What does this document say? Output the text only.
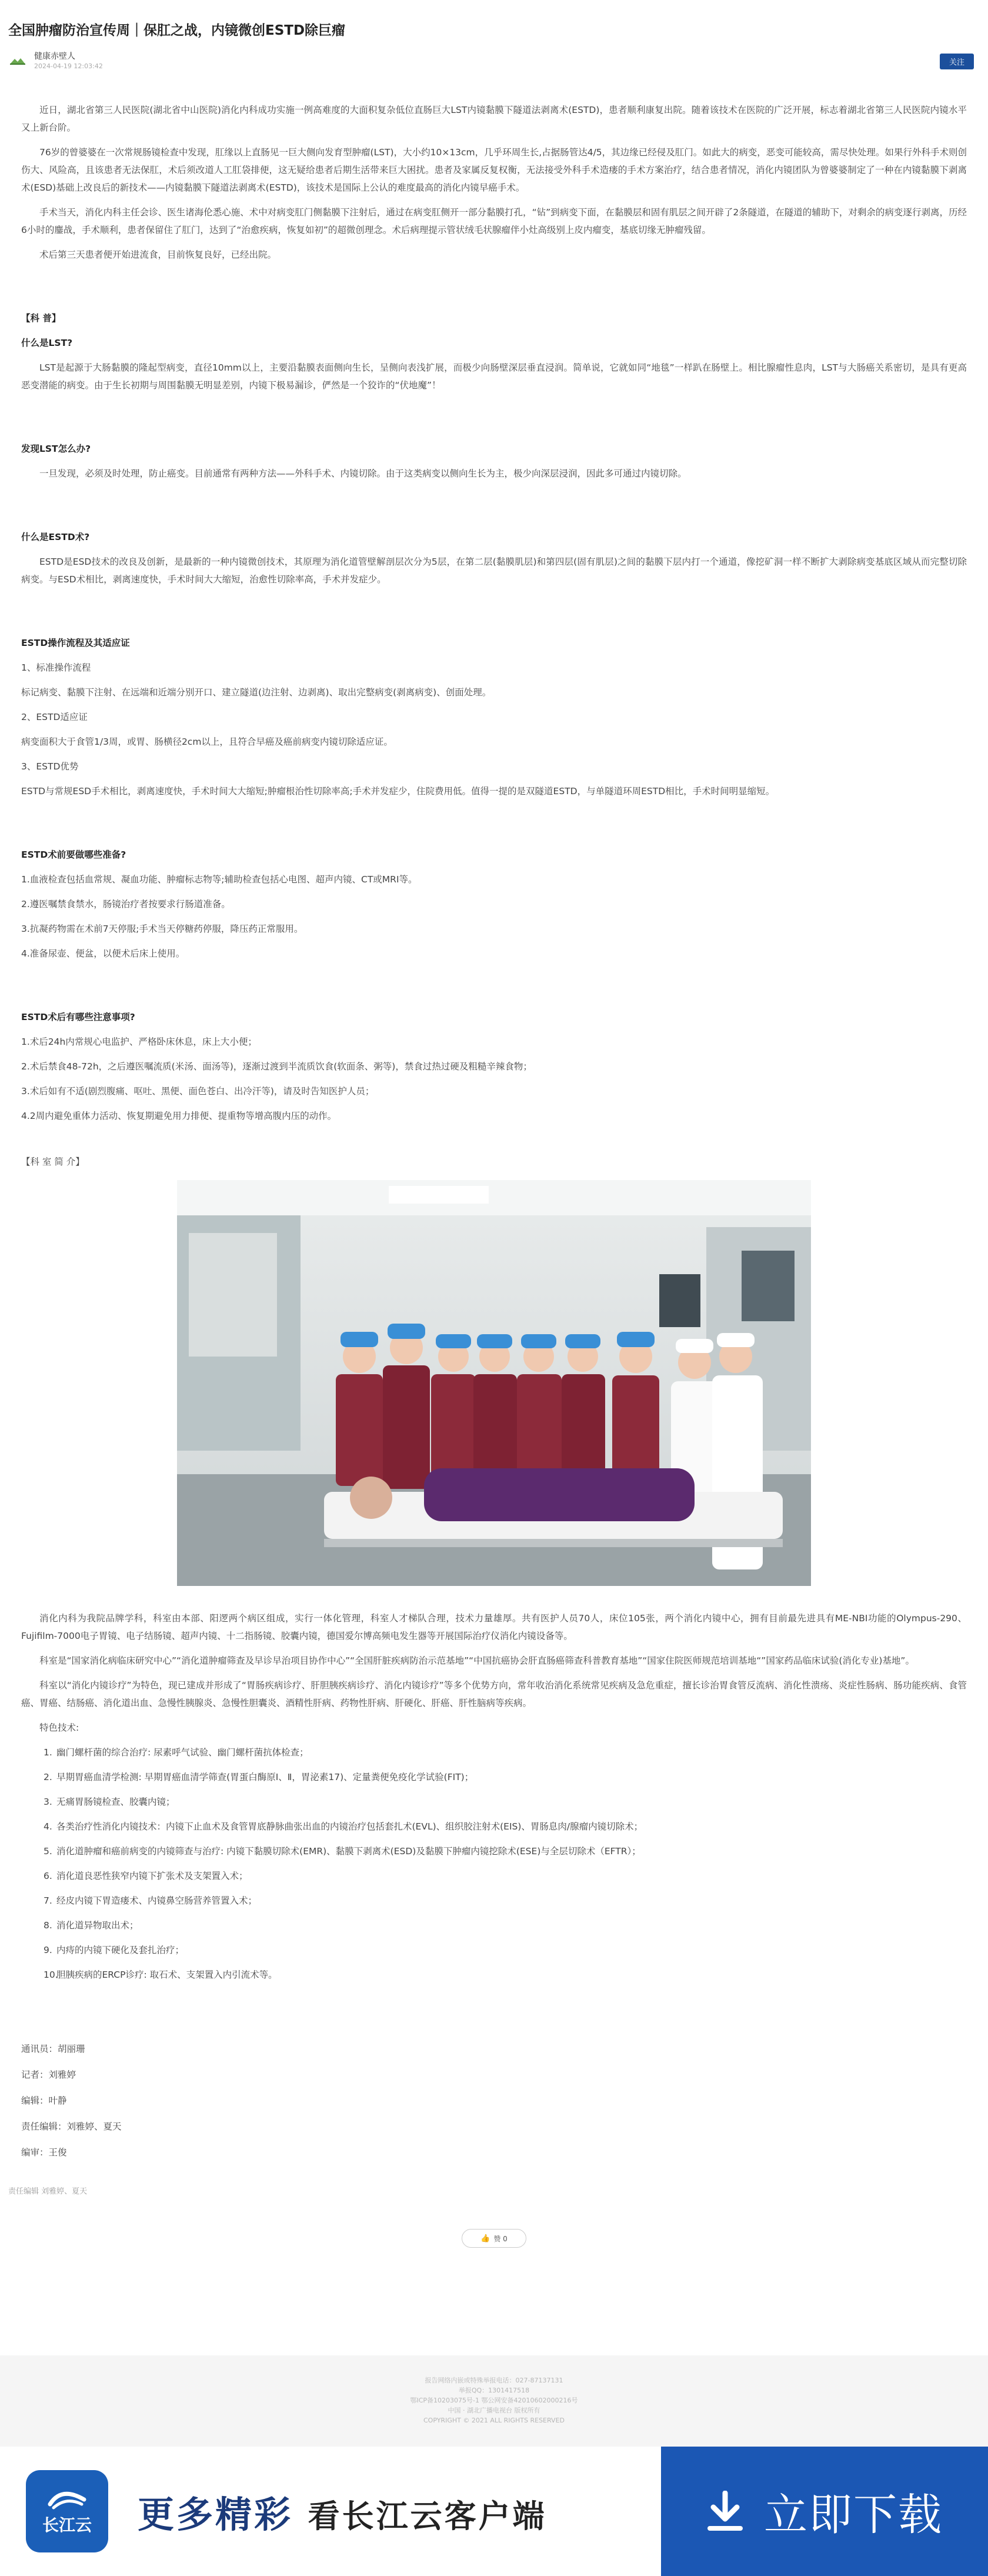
全国肿瘤防治宣传周｜保肛之战，内镜微创ESTD除巨瘤
健康赤壁人
2024-04-19 12:03:42	关注

近日，湖北省第三人民医院(湖北省中山医院)消化内科成功实施一例高难度的大面积复杂低位直肠巨大LST内镜黏膜下隧道法剥离术(ESTD)，患者顺利康复出院。随着该技术在医院的广泛开展，标志着湖北省第三人民医院内镜水平又上新台阶。

76岁的曾婆婆在一次常规肠镜检查中发现，肛缘以上直肠见一巨大侧向发育型肿瘤(LST)，大小约10×13cm，几乎环周生长,占据肠管达4/5，其边缘已经侵及肛门。如此大的病变，恶变可能较高，需尽快处理。如果行外科手术则创伤大、风险高，且该患者无法保肛，术后须改道人工肛袋排便，这无疑给患者后期生活带来巨大困扰。患者及家属反复权衡，无法接受外科手术造瘘的手术方案治疗，结合患者情况，消化内镜团队为曾婆婆制定了一种在内镜黏膜下剥离术(ESD)基础上改良后的新技术——内镜黏膜下隧道法剥离术(ESTD)，该技术是国际上公认的难度最高的消化内镜早癌手术。

手术当天，消化内科主任会诊、医生诸海伦悉心施、术中对病变肛门侧黏膜下注射后，通过在病变肛侧开一部分黏膜打孔，“钻”到病变下面，在黏膜层和固有肌层之间开辟了2条隧道，在隧道的辅助下，对剩余的病变逐行剥离，历经6小时的鏖战，手术顺利，患者保留住了肛门，达到了“治愈疾病，恢复如初”的超微创理念。术后病理提示管状绒毛状腺瘤伴小灶高级别上皮内瘤变，基底切缘无肿瘤残留。

术后第三天患者便开始进流食，目前恢复良好，已经出院。

【科 普】

什么是LST?

LST是起源于大肠黏膜的隆起型病变，直径10mm以上，主要沿黏膜表面侧向生长，呈侧向表浅扩展，而极少向肠壁深层垂直浸润。简单说，它就如同“地毯”一样趴在肠壁上。相比腺瘤性息肉，LST与大肠癌关系密切，是具有更高恶变潜能的病变。由于生长初期与周围黏膜无明显差别，内镜下极易漏诊，俨然是一个狡诈的“伏地魔”！

发现LST怎么办?

一旦发现，必须及时处理，防止癌变。目前通常有两种方法——外科手术、内镜切除。由于这类病变以侧向生长为主，极少向深层浸润，因此多可通过内镜切除。

什么是ESTD术?

ESTD是ESD技术的改良及创新，是最新的一种内镜微创技术，其原理为消化道管壁解剖层次分为5层，在第二层(黏膜肌层)和第四层(固有肌层)之间的黏膜下层内打一个通道，像挖矿洞一样不断扩大剥除病变基底区域从而完整切除病变。与ESD术相比，剥离速度快，手术时间大大缩短，治愈性切除率高，手术并发症少。

ESTD操作流程及其适应证

1、标准操作流程

标记病变、黏膜下注射、在远端和近端分别开口、建立隧道(边注射、边剥离)、取出完整病变(剥离病变)、创面处理。

2、ESTD适应证

病变面积大于食管1/3周，或胃、肠横径2cm以上，且符合早癌及癌前病变内镜切除适应证。

3、ESTD优势

ESTD与常规ESD手术相比，剥离速度快，手术时间大大缩短;肿瘤根治性切除率高;手术并发症少，住院费用低。值得一提的是双隧道ESTD，与单隧道环周ESTD相比，手术时间明显缩短。

ESTD术前要做哪些准备?

1.血液检查包括血常规、凝血功能、肿瘤标志物等;辅助检查包括心电图、超声内镜、CT或MRI等。

2.遵医嘱禁食禁水，肠镜治疗者按要求行肠道准备。

3.抗凝药物需在术前7天停服;手术当天停糖药停服，降压药正常服用。

4.准备尿壶、便盆，以便术后床上使用。

ESTD术后有哪些注意事项?

1.术后24h内常规心电监护、严格卧床休息，床上大小便；

2.术后禁食48-72h，之后遵医嘱流质(米汤、面汤等)，逐渐过渡到半流质饮食(软面条、粥等)，禁食过热过硬及粗糙辛辣食物；

3.术后如有不适(剧烈腹痛、呕吐、黑便、面色苍白、出冷汗等)，请及时告知医护人员；

4.2周内避免重体力活动、恢复期避免用力排便、提重物等增高腹内压的动作。

【科 室 简 介】

消化内科为我院品牌学科，科室由本部、阳逻两个病区组成，实行一体化管理，科室人才梯队合理，技术力量雄厚。共有医护人员70人，床位105张，两个消化内镜中心，拥有目前最先进具有ME-NBI功能的Olympus-290、Fujifilm-7000电子胃镜、电子结肠镜、超声内镜、十二指肠镜、胶囊内镜，德国爱尔博高频电发生器等开展国际治疗仪消化内镜设备等。

科室是“国家消化病临床研究中心”“消化道肿瘤筛查及早诊早治项目协作中心”“全国肝脏疾病防治示范基地”“中国抗癌协会肝直肠癌筛查科普教育基地”“国家住院医师规范培训基地“”国家药品临床试验(消化专业)基地”。

科室以“消化内镜诊疗”为特色，现已建成并形成了“胃肠疾病诊疗、肝胆胰疾病诊疗、消化内镜诊疗”等多个优势方向，常年收治消化系统常见疾病及急危重症，擅长诊治胃食管反流病、消化性溃疡、炎症性肠病、肠功能疾病、食管癌、胃癌、结肠癌、消化道出血、急慢性胰腺炎、急慢性胆囊炎、酒精性肝病、药物性肝病、肝硬化、肝癌、肝性脑病等疾病。

特色技术:

1. 幽门螺杆菌的综合治疗: 尿素呼气试验、幽门螺杆菌抗体检查；
2. 早期胃癌血清学检测: 早期胃癌血清学筛查(胃蛋白酶原Ⅰ、Ⅱ，胃泌素17)、定量粪便免疫化学试验(FIT)；
3. 无痛胃肠镜检查、胶囊内镜；
4. 各类治疗性消化内镜技术：内镜下止血术及食管胃底静脉曲张出血的内镜治疗包括套扎术(EVL)、组织胶注射术(EIS)、胃肠息肉/腺瘤内镜切除术；
5. 消化道肿瘤和癌前病变的内镜筛查与治疗: 内镜下黏膜切除术(EMR)、黏膜下剥离术(ESD)及黏膜下肿瘤内镜挖除术(ESE)与全层切除术（EFTR）；
6. 消化道良恶性狭窄内镜下扩张术及支架置入术；
7. 经皮内镜下胃造瘘术、内镜鼻空肠营养管置入术；
8. 消化道异物取出术；
9. 内痔的内镜下硬化及套扎治疗；
10.胆胰疾病的ERCP诊疗: 取石术、支架置入内引流术等。

通讯员：胡丽珊

记者：刘雅婷

编辑：叶静

责任编辑：刘雅婷、夏天

编审：王俊

责任编辑 刘雅婷、夏天
👍 赞 0
报告网络内嵌或特殊举报电话：027-87137131
举报QQ：1301417518
鄂ICP备10203075号-1 鄂公网安备42010602000216号
中国 · 湖北广播电视台 版权所有
COPYRIGHT © 2021 ALL RIGHTS RESERVED
长江云 更多精彩 看长江云客户端	立即下载
